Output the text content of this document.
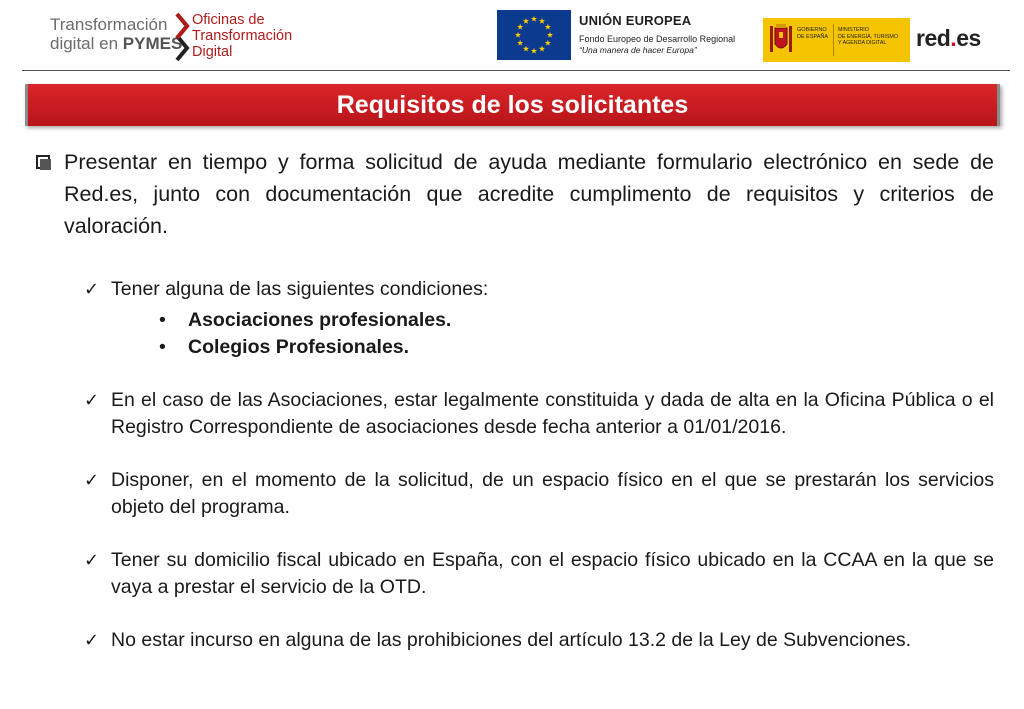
Transformación
digital en PYMES
Oficinas de
Transformación
Digital
UNIÓN EUROPEA
Fondo Europeo de Desarrollo Regional
“Una manera de hacer Europa”
GOBIERNO
DE ESPAÑA
MINISTERIO
DE ENERGÍA, TURISMO
Y AGENDA DIGITAL	red.es
Requisitos de los solicitantes
Presentar en tiempo y forma solicitud de ayuda mediante formulario electrónico en sede de Red.es, junto con documentación que acredite cumplimento de requisitos y criterios de valoración.
✓ Tener alguna de las siguientes condiciones:
• Asociaciones profesionales.
• Colegios Profesionales.
✓ En el caso de las Asociaciones, estar legalmente constituida y dada de alta en la Oficina Pública o el Registro Correspondiente de asociaciones desde fecha anterior a 01/01/2016.
✓ Disponer, en el momento de la solicitud, de un espacio físico en el que se prestarán los servicios objeto del programa.
✓ Tener su domicilio fiscal ubicado en España, con el espacio físico ubicado en la CCAA en la que se vaya a prestar el servicio de la OTD.
✓ No estar incurso en alguna de las prohibiciones del artículo 13.2 de la Ley de Subvenciones.
